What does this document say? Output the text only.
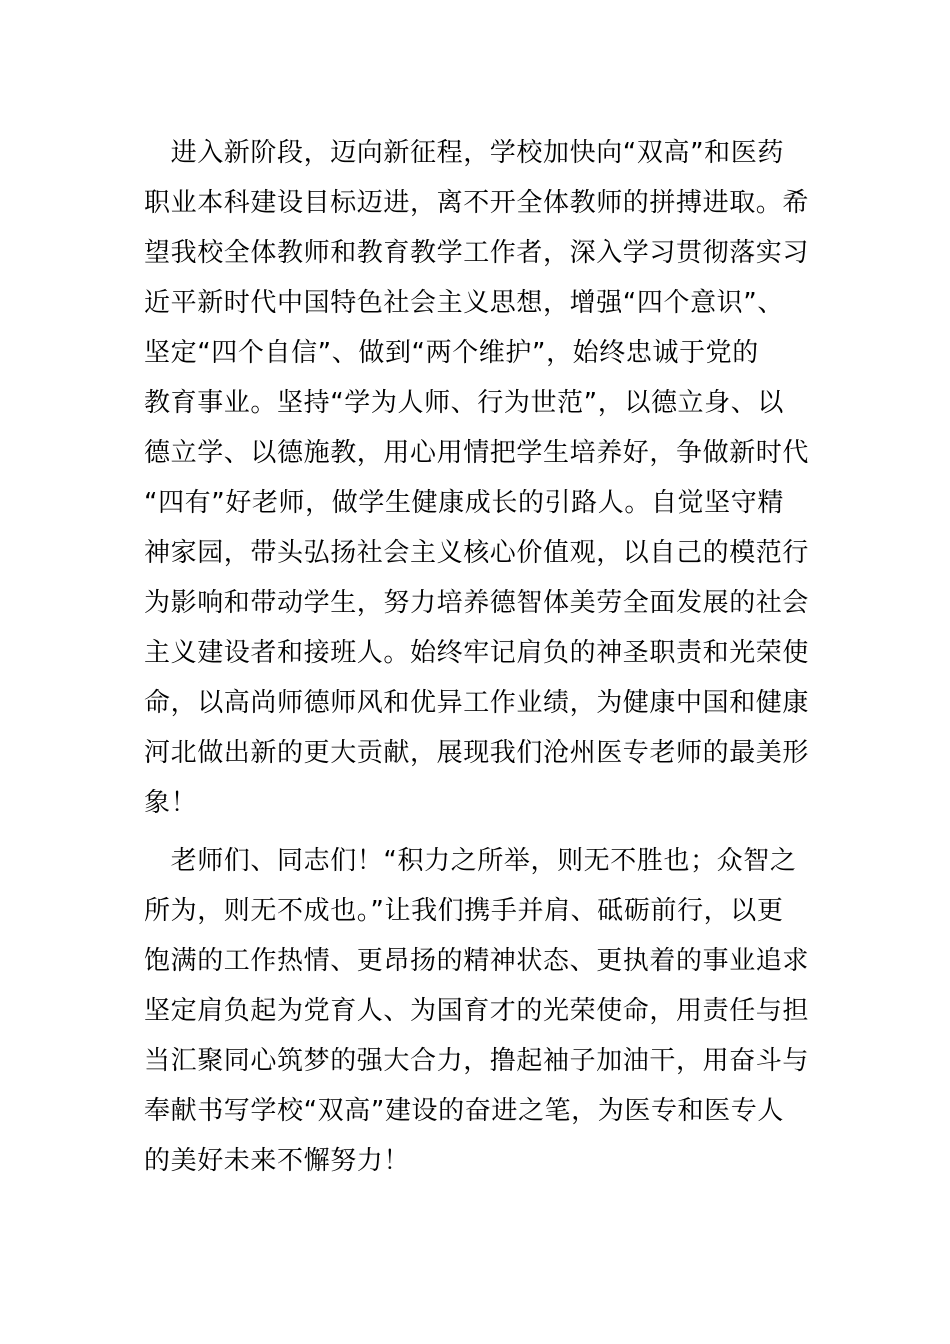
　进入新阶段，迈向新征程，学校加快向“双高”和医药
职业本科建设目标迈进，离不开全体教师的拼搏进取。希
望我校全体教师和教育教学工作者，深入学习贯彻落实习
近平新时代中国特色社会主义思想，增强“四个意识”、
坚定“四个自信”、做到“两个维护”，始终忠诚于党的
教育事业。坚持“学为人师、行为世范”，以德立身、以
德立学、以德施教，用心用情把学生培养好，争做新时代
“四有”好老师，做学生健康成长的引路人。自觉坚守精
神家园，带头弘扬社会主义核心价值观，以自己的模范行
为影响和带动学生，努力培养德智体美劳全面发展的社会
主义建设者和接班人。始终牢记肩负的神圣职责和光荣使
命，以高尚师德师风和优异工作业绩，为健康中国和健康
河北做出新的更大贡献，展现我们沧州医专老师的最美形
象！
　老师们、同志们！“积力之所举，则无不胜也；众智之
所为，则无不成也。”让我们携手并肩、砥砺前行，以更
饱满的工作热情、更昂扬的精神状态、更执着的事业追求
坚定肩负起为党育人、为国育才的光荣使命，用责任与担
当汇聚同心筑梦的强大合力，撸起袖子加油干，用奋斗与
奉献书写学校“双高”建设的奋进之笔，为医专和医专人
的美好未来不懈努力！
